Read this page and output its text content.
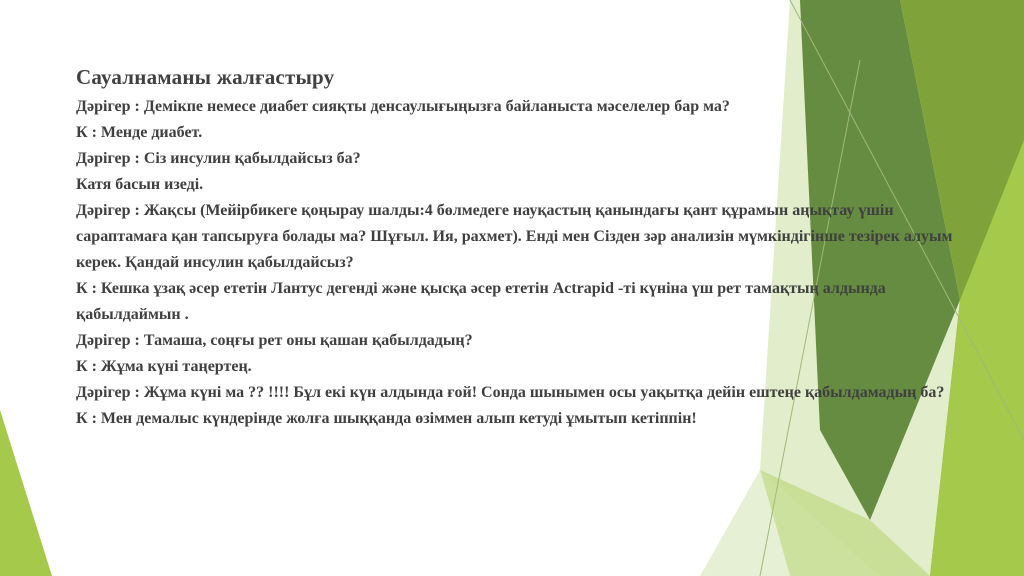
Сауалнаманы жалғастыру

Дәрігер : Демікпе немесе диабет сияқты денсаулығыңызға байланыста мәселелер бар ма?

К : Менде диабет.

Дәрігер : Сіз инсулин қабылдайсыз ба?

Катя басын изеді.

Дәрігер : Жақсы (Мейірбикеге қоңырау шалды:4 бөлмедеге науқастың қанындағы қант құрамын аңықтау үшін сараптамаға қан тапсыруға болады ма? Шұғыл. Ия, рахмет). Енді мен Сізден зәр анализін мүмкіндігінше тезірек алуым керек. Қандай инсулин қабылдайсыз?

К : Кешка ұзақ әсер ететін Лантус дегенді және қысқа әсер ететін Actrapid -ті күніна үш рет тамақтың алдында қабылдаймын .

Дәрігер : Тамаша, соңғы рет оны қашан қабылдадың?

К : Жұма күні таңертең.

Дәрігер : Жұма күні ма ?? !!!! Бұл екі күн алдында ғой! Сонда шынымен осы уақытқа дейін ештеңе қабылдамадың ба?

К : Мен демалыс күндерінде жолға шыққанда өзіммен алып кетуді ұмытып кетіппін!
